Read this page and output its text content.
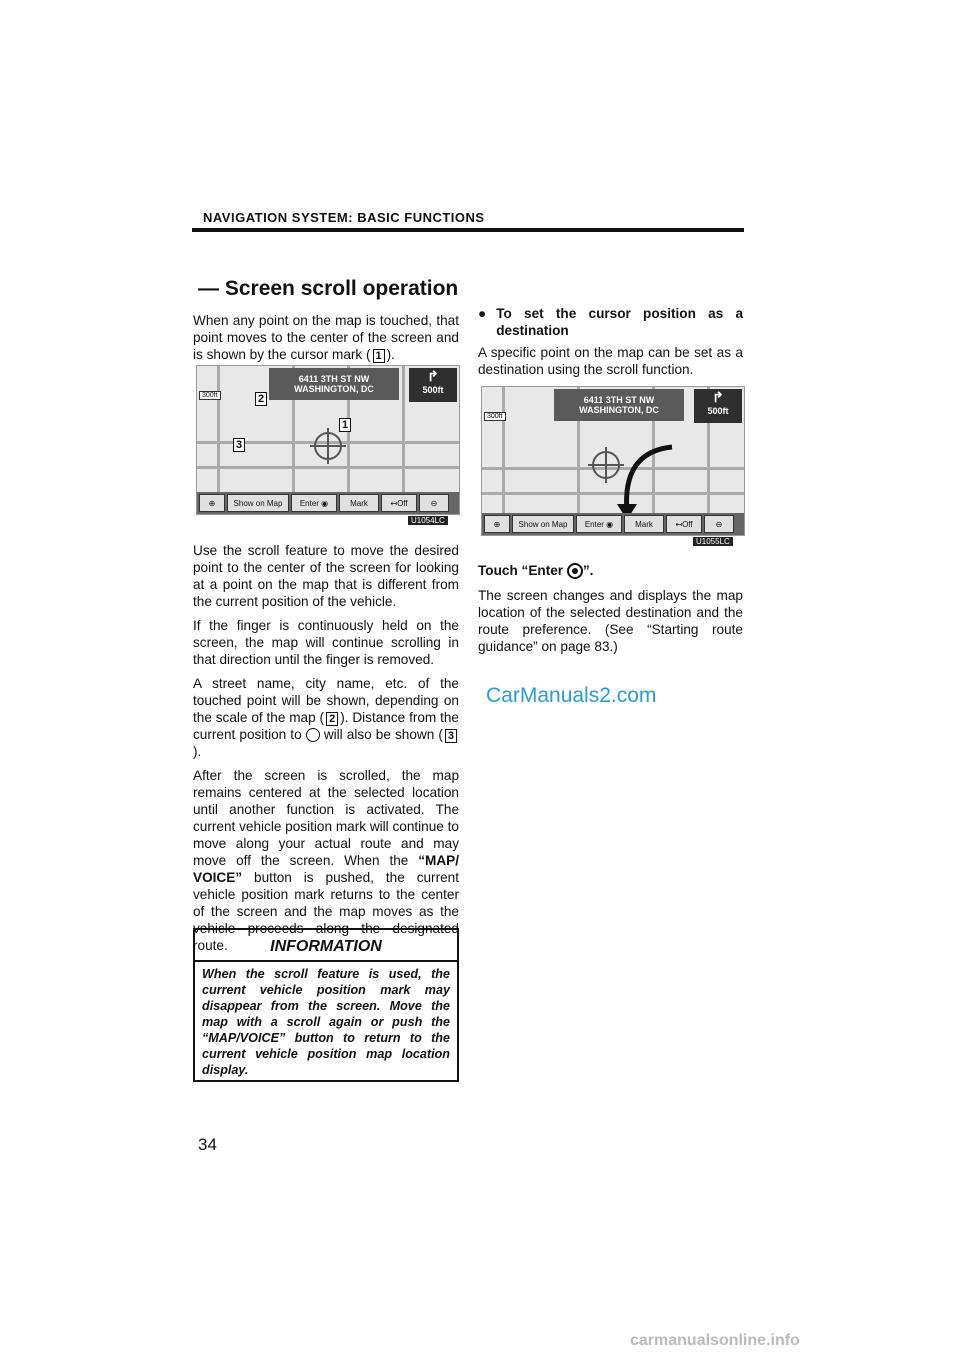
NAVIGATION SYSTEM: BASIC FUNCTIONS
— Screen scroll operation

When any point on the map is touched, that point moves to the center of the screen and is shown by the cursor mark ( 1 ).

6411 3TH ST NW
WASHINGTON, DC
↱
500ft
300ft	2
3
1
⊕	Show on Map	Enter ◉	Mark	↤Off	⊖
U1054LC

Use the scroll feature to move the desired point to the center of the screen for looking at a point on the map that is different from the current position of the vehicle.

If the finger is continuously held on the screen, the map will continue scrolling in that direction until the finger is removed.

A street name, city name, etc. of the touched point will be shown, depending on the scale of the map ( 2 ). Distance from the current position to will also be shown ( 3).

After the screen is scrolled, the map remains centered at the selected location until another function is activated. The current vehicle position mark will continue to move along your actual route and may move off the screen. When the “MAP/ VOICE” button is pushed, the current vehicle position mark returns to the center of the screen and the map moves as the vehicle proceeds along the designated route.	INFORMATION
When the scroll feature is used, the current vehicle position mark may disappear from the screen. Move the map with a scroll again or push the “MAP/VOICE” button to return to the current vehicle position map location display.
● To set the cursor position as a destination

A specific point on the map can be set as a destination using the scroll function.

6411 3TH ST NW
WASHINGTON, DC
↱
500ft
300ft
⊕	Show on Map	Enter ◉	Mark	↤Off	⊖
U1055LC

Touch “Enter
”.

The screen changes and displays the map location of the selected destination and the route preference. (See “Starting route guidance” on page 83.)

CarManuals2.com
34
carmanualsonline.info
